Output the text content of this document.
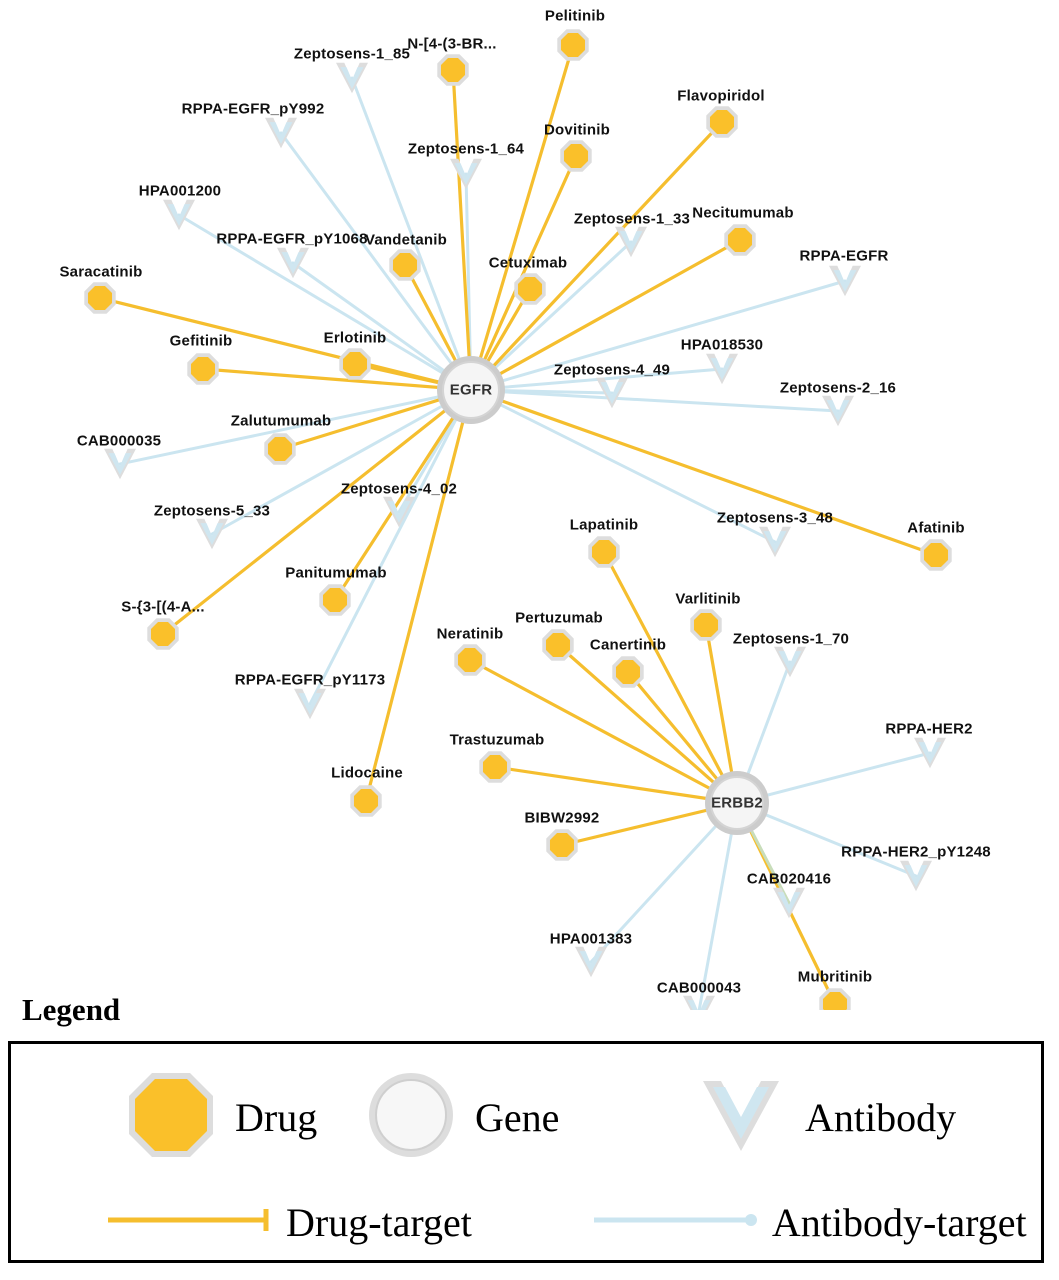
Zeptosens-1_85
RPPA-EGFR_pY992
Zeptosens-1_64
HPA001200
Zeptosens-1_33
RPPA-EGFR_pY1068
RPPA-EGFR
HPA018530
Zeptosens-4_49
Zeptosens-2_16
CAB000035
Zeptosens-4_02
Zeptosens-5_33	Zeptosens-3_48
Zeptosens-1_70
RPPA-EGFR_pY1173
RPPA-HER2
RPPA-HER2_pY1248
CAB020416
HPA001383
CAB000043
Pelitinib
N-[4-(3-BR...
Flavopiridol
Dovitinib
Necitumumab
Vandetanib
Cetuximab
Saracatinib
Erlotinib
Gefitinib
Zalutumumab
Afatinib
Lapatinib
Varlitinib
Panitumumab
S-{3-[(4-A...
Pertuzumab
Canertinib
Neratinib
Trastuzumab
Lidocaine
BIBW2992
Mubritinib
EGFR
ERBB2
Legend
Drug	Gene	Antibody
Drug-target	Antibody-target
